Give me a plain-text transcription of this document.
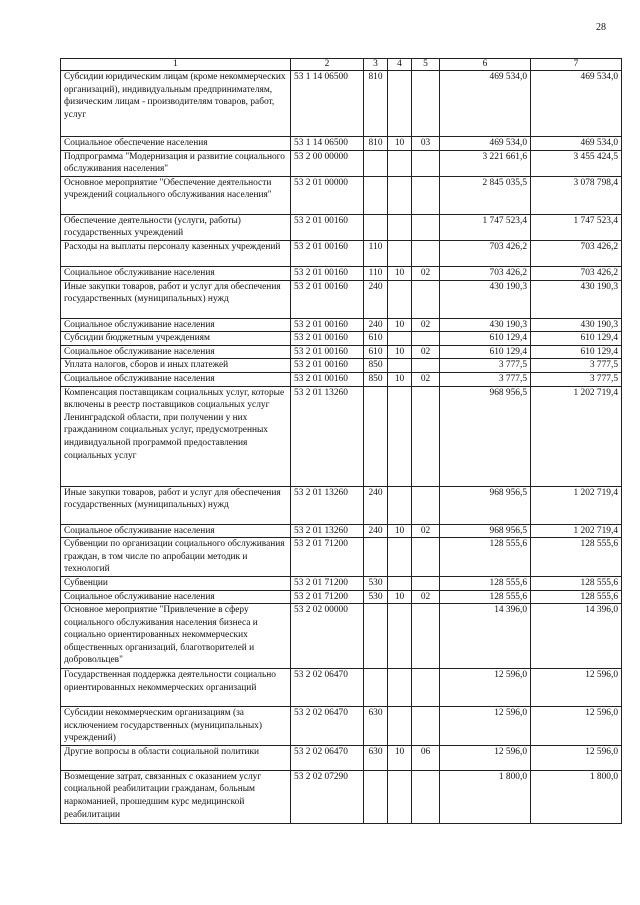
28
1	2	3	4	5	6	7
Субсидии юридическим лицам (кроме некоммерческих организаций), индивидуальным предпринимателям, физическим лицам - производителям товаров, работ, услуг	53 1 14 06500	810			469 534,0	469 534,0
Социальное обеспечение населения	53 1 14 06500	810	10	03	469 534,0	469 534,0
Подпрограмма "Модернизация и развитие социального обслуживания населения"	53 2 00 00000				3 221 661,6	3 455 424,5
Основное мероприятие "Обеспечение деятельности учреждений социального обслуживания населения"	53 2 01 00000				2 845 035,5	3 078 798,4
Обеспечение деятельности (услуги, работы) государственных учреждений	53 2 01 00160				1 747 523,4	1 747 523,4
Расходы на выплаты персоналу казенных учреждений	53 2 01 00160	110			703 426,2	703 426,2
Социальное обслуживание населения	53 2 01 00160	110	10	02	703 426,2	703 426,2
Иные закупки товаров, работ и услуг для обеспечения государственных (муниципальных) нужд	53 2 01 00160	240			430 190,3	430 190,3
Социальное обслуживание населения	53 2 01 00160	240	10	02	430 190,3	430 190,3
Субсидии бюджетным учреждениям	53 2 01 00160	610			610 129,4	610 129,4
Социальное обслуживание населения	53 2 01 00160	610	10	02	610 129,4	610 129,4
Уплата налогов, сборов и иных платежей	53 2 01 00160	850			3 777,5	3 777,5
Социальное обслуживание населения	53 2 01 00160	850	10	02	3 777,5	3 777,5
Компенсация поставщикам социальных услуг, которые включены в реестр поставщиков социальных услуг Ленинградской области, при получении у них гражданином социальных услуг, предусмотренных индивидуальной программой предоставления социальных услуг	53 2 01 13260				968 956,5	1 202 719,4
Иные закупки товаров, работ и услуг для обеспечения государственных (муниципальных) нужд	53 2 01 13260	240			968 956,5	1 202 719,4
Социальное обслуживание населения	53 2 01 13260	240	10	02	968 956,5	1 202 719,4
Субвенции по организации социального обслуживания граждан, в том числе по апробации методик и технологий	53 2 01 71200				128 555,6	128 555,6
Субвенции	53 2 01 71200	530			128 555,6	128 555,6
Социальное обслуживание населения	53 2 01 71200	530	10	02	128 555,6	128 555,6
Основное мероприятие "Привлечение в сферу социального обслуживания населения бизнеса и социально ориентированных некоммерческих общественных организаций, благотворителей и добровольцев"	53 2 02 00000				14 396,0	14 396,0
Государственная поддержка деятельности социально ориентированных некоммерческих организаций	53 2 02 06470				12 596,0	12 596,0
Субсидии некоммерческим организациям (за исключением государственных (муниципальных) учреждений)	53 2 02 06470	630			12 596,0	12 596,0
Другие вопросы в области социальной политики	53 2 02 06470	630	10	06	12 596,0	12 596,0
Возмещение затрат, связанных с оказанием услуг социальной реабилитации гражданам, больным наркоманией, прошедшим курс медицинской реабилитации	53 2 02 07290				1 800,0	1 800,0
